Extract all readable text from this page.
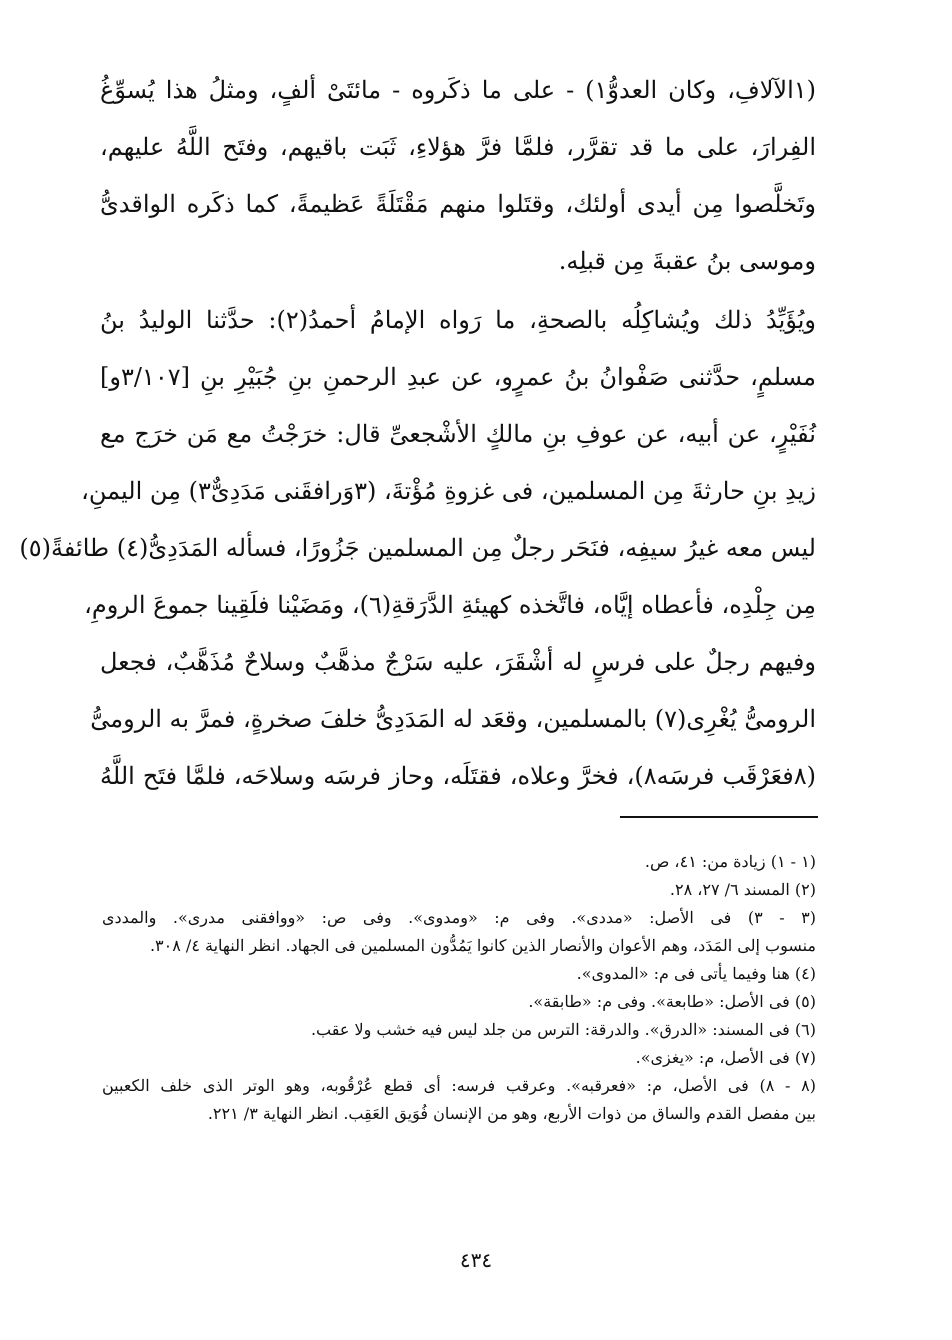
(١الآلافِ، وكان العدوُّ١) - على ما ذكَروه - مائتَىْ ألفٍ، ومثلُ هذا يُسوِّغُ
الفِرارَ، على ما قد تقرَّر، فلمَّا فرَّ هؤلاءِ، ثَبَت باقيهم، وفتَح اللَّهُ عليهم،
وتَخلَّصوا مِن أيدى أولئك، وقتَلوا منهم مَقْتَلَةً عَظيمةً، كما ذكَره الواقدىُّ
وموسى بنُ عقبةَ مِن قبلِه.
ويُؤَيِّدُ ذلك ويُشاكِلُه بالصحةِ، ما رَواه الإمامُ أحمدُ(٢): حدَّثنا الوليدُ بنُ
مسلمٍ، حدَّثنى صَفْوانُ بنُ عمرٍو، عن عبدِ الرحمنِ بنِ جُبَيْرِ بنِ [٣/١٠٧و]
نُفَيْرٍ، عن أبيه، عن عوفِ بنِ مالكٍ الأشْجعىِّ قال: خرَجْتُ مع مَن خرَج مع
زيدِ بنِ حارثةَ مِن المسلمين، فى غزوةِ مُؤْتةَ، (٣وَرافقَنى مَدَدِىٌّ٣) مِن اليمنِ،
ليس معه غيرُ سيفِه، فنَحَر رجلٌ مِن المسلمين جَزُورًا، فسأله المَدَدِىُّ(٤) طائفةً(٥)
مِن جِلْدِه، فأعطاه إيَّاه، فاتَّخذه كهيئةِ الدَّرَقةِ(٦)، ومَضَيْنا فلَقِينا جموعَ الرومِ،
وفيهم رجلٌ على فرسٍ له أشْقَرَ، عليه سَرْجٌ مذهَّبٌ وسلاحٌ مُذَهَّبٌ، فجعل
الرومىُّ يُغْرِى(٧) بالمسلمين، وقعَد له المَدَدِىُّ خلفَ صخرةٍ، فمرَّ به الرومىُّ
(٨فعَرْقَب فرسَه٨)، فخرَّ وعلاه، فقتَلَه، وحاز فرسَه وسلاحَه، فلمَّا فتَح اللَّهُ
(١ - ١) زيادة من: ٤١، ص.
(٢) المسند ٦/ ٢٧، ٢٨.
(٣ - ٣) فى الأصل: «مددى». وفى م: «ومدوى». وفى ص: «ووافقنى مدرى». والمددى
منسوب إلى المَدَد، وهم الأعوان والأنصار الذين كانوا يَمُدُّون المسلمين فى الجهاد. انظر النهاية ٤/ ٣٠٨.
(٤) هنا وفيما يأتى فى م: «المدوى».
(٥) فى الأصل: «طابعة». وفى م: «طابقة».
(٦) فى المسند: «الدرق». والدرقة: الترس من جلد ليس فيه خشب ولا عقب.
(٧) فى الأصل، م: «يغزى».
(٨ - ٨) فى الأصل، م: «فعرقبه». وعرقب فرسه: أى قطع عُرْقُوبه، وهو الوتر الذى خلف الكعبين
بين مفصل القدم والساق من ذوات الأربع، وهو من الإنسان فُوَيق العَقِب. انظر النهاية ٣/ ٢٢١.
٤٣٤
